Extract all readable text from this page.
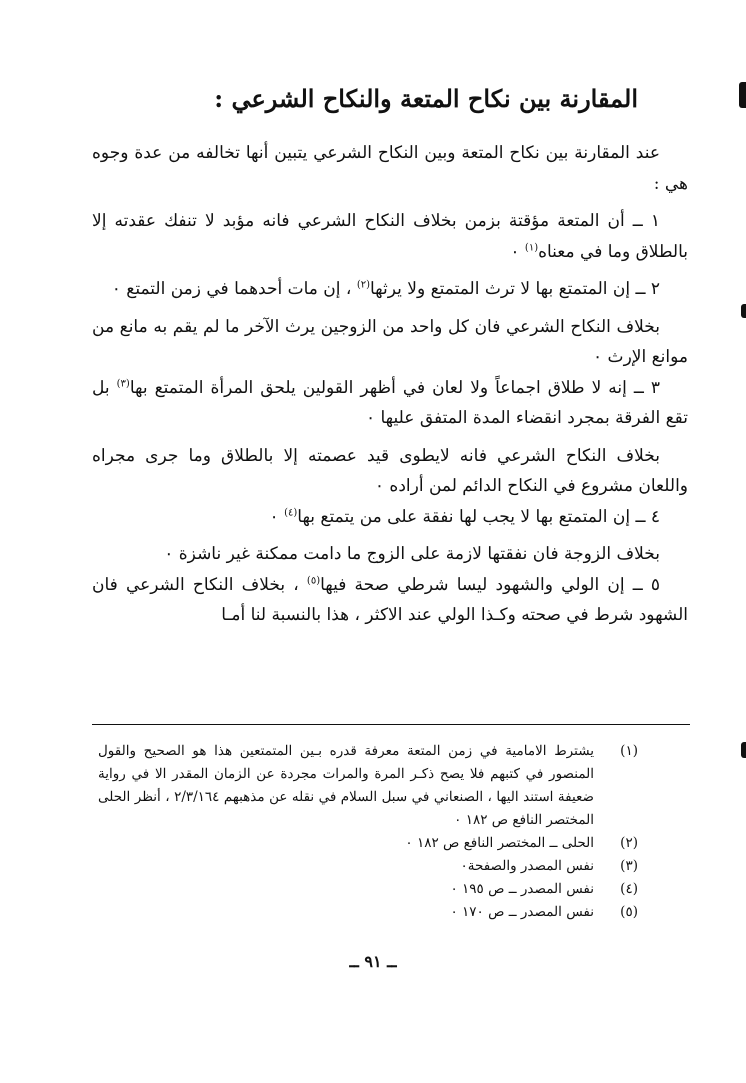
المقارنة بين نكاح المتعة والنكاح الشرعي :

عند المقارنة بين نكاح المتعة وبين النكاح الشرعي يتبين أنها تخالفه من عدة وجوه هي :

١ ــ أن المتعة مؤقتة بزمن بخلاف النكاح الشرعي فانه مؤبد لا تنفك عقدته إلا بالطلاق وما في معناه$^{(١)}$ ٠

٢ ــ إن المتمتع بها لا ترث المتمتع ولا يرثها$^{(٢)}$ ، إن مات أحدهما في زمن التمتع ٠

بخلاف النكاح الشرعي فان كل واحد من الزوجين يرث الآخر ما لم يقم به مانع من موانع الإرث ٠

٣ ــ إنه لا طلاق اجماعاً ولا لعان في أظهر القولين يلحق المرأة المتمتع بها$^{(٣)}$ بل تقع الفرقة بمجرد انقضاء المدة المتفق عليها ٠

بخلاف النكاح الشرعي فانه لايطوى قيد عصمته إلا بالطلاق وما جرى مجراه واللعان مشروع في النكاح الدائم لمن أراده ٠

٤ ــ إن المتمتع بها لا يجب لها نفقة على من يتمتع بها$^{(٤)}$ ٠

بخلاف الزوجة فان نفقتها لازمة على الزوج ما دامت ممكنة غير ناشزة ٠

٥ ــ إن الولي والشهود ليسا شرطي صحة فيها$^{(٥)}$ ، بخلاف النكاح الشرعي فان الشهود شرط في صحته وكـذا الولي عند الاكثر ، هذا بالنسبة لنا أمـا

(١)
يشترط الامامية في زمن المتعة معرفة قدره بـين المتمتعين هذا هو الصحيح والقول المنصور في كتبهم فلا يصح ذكـر المرة والمرات مجردة عن الزمان المقدر الا في رواية ضعيفة استند اليها ، الصنعاني في سبل السلام في نقله عن مذهبهم ٢/٣/١٦٤ ، أنظر الحلى المختصر النافع ص ١٨٢ ٠
(٢)
الحلى ــ المختصر النافع ص ١٨٢ ٠
(٣)
نفس المصدر والصفحة٠
(٤)
نفس المصدر ــ ص ١٩٥ ٠
(٥)
نفس المصدر ــ ص ١٧٠ ٠
ــ ٩١ ــ
